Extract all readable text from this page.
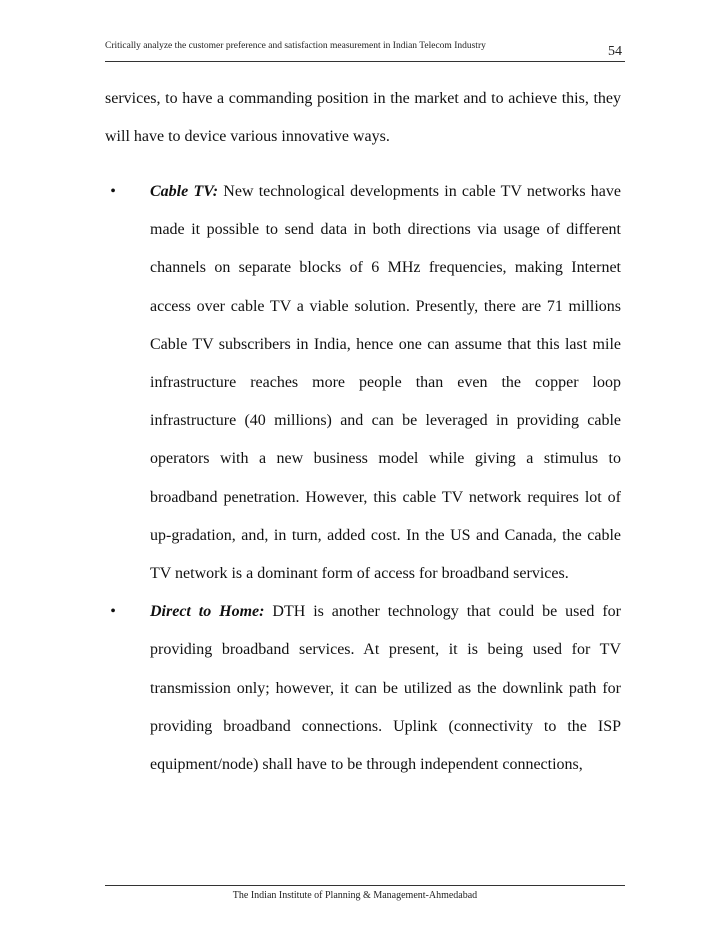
Critically analyze the customer preference and satisfaction measurement in Indian Telecom Industry	54

services, to have a commanding position in the market and to achieve this, they will have to device various innovative ways.

• Cable TV: New technological developments in cable TV networks have made it possible to send data in both directions via usage of different channels on separate blocks of 6 MHz frequencies, making Internet access over cable TV a viable solution. Presently, there are 71 millions Cable TV subscribers in India, hence one can assume that this last mile infrastructure reaches more people than even the copper loop infrastructure (40 millions) and can be leveraged in providing cable operators with a new business model while giving a stimulus to broadband penetration. However, this cable TV network requires lot of up-gradation, and, in turn, added cost. In the US and Canada, the cable TV network is a dominant form of access for broadband services.
• Direct to Home: DTH is another technology that could be used for providing broadband services. At present, it is being used for TV transmission only; however, it can be utilized as the downlink path for providing broadband connections. Uplink (connectivity to the ISP equipment/node) shall have to be through independent connections,
The Indian Institute of Planning & Management-Ahmedabad
